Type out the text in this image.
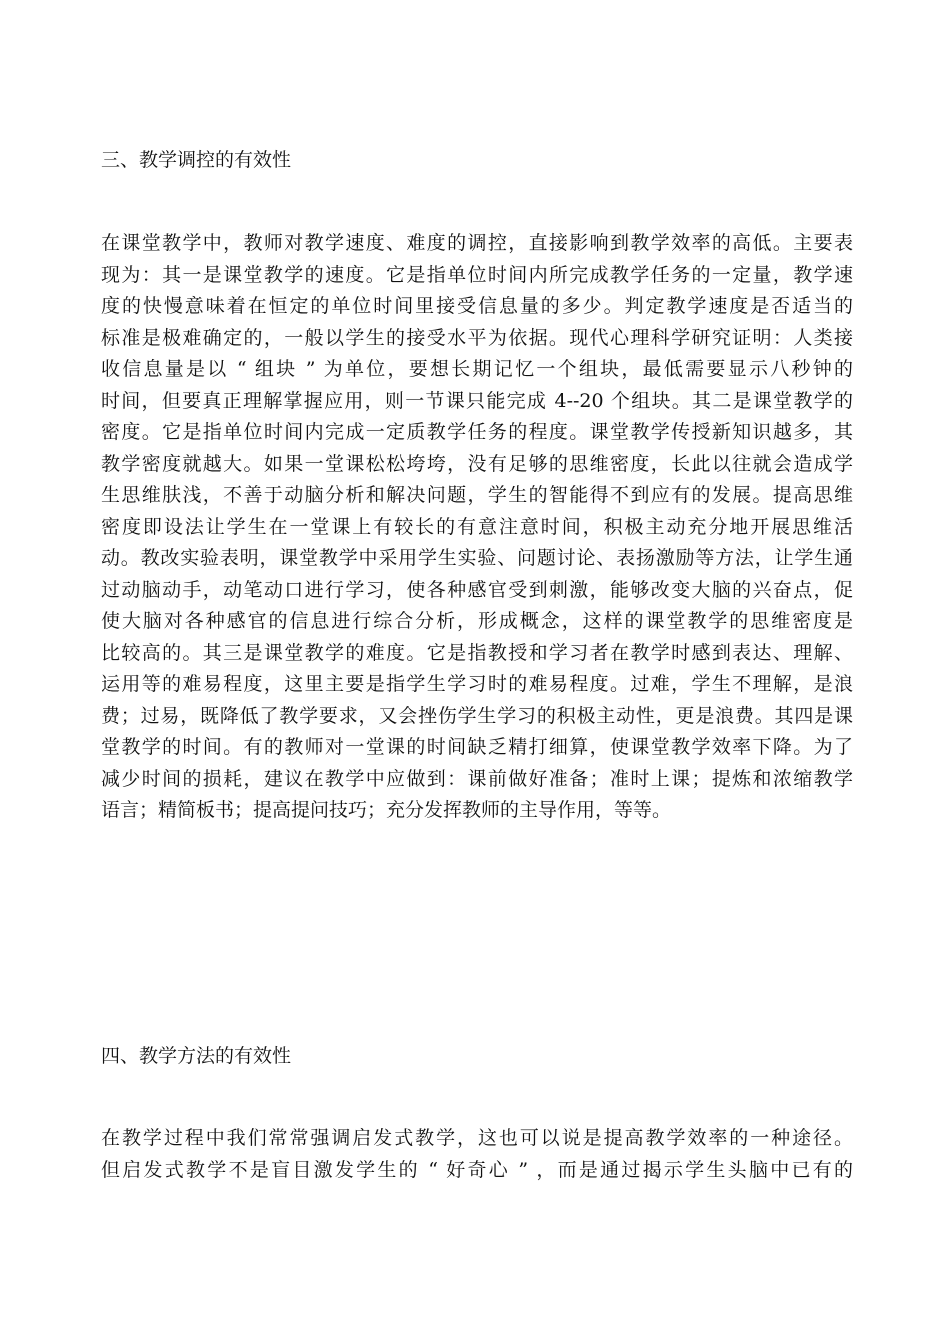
三、教学调控的有效性
在课堂教学中，教师对教学速度、难度的调控，直接影响到教学效率的高低。主要表
现为：其一是课堂教学的速度。它是指单位时间内所完成教学任务的一定量，教学速
度的快慢意味着在恒定的单位时间里接受信息量的多少。判定教学速度是否适当的
标准是极难确定的，一般以学生的接受水平为依据。现代心理科学研究证明：人类接
收信息量是以 “ 组块 ” 为单位，要想长期记忆一个组块，最低需要显示八秒钟的
时间，但要真正理解掌握应用，则一节课只能完成 4--20 个组块。其二是课堂教学的
密度。它是指单位时间内完成一定质教学任务的程度。课堂教学传授新知识越多，其
教学密度就越大。如果一堂课松松垮垮，没有足够的思维密度，长此以往就会造成学
生思维肤浅，不善于动脑分析和解决问题，学生的智能得不到应有的发展。提高思维
密度即设法让学生在一堂课上有较长的有意注意时间，积极主动充分地开展思维活
动。教改实验表明，课堂教学中采用学生实验、问题讨论、表扬激励等方法，让学生通
过动脑动手，动笔动口进行学习，使各种感官受到刺激，能够改变大脑的兴奋点，促
使大脑对各种感官的信息进行综合分析，形成概念，这样的课堂教学的思维密度是
比较高的。其三是课堂教学的难度。它是指教授和学习者在教学时感到表达、理解、
运用等的难易程度，这里主要是指学生学习时的难易程度。过难，学生不理解，是浪
费；过易，既降低了教学要求，又会挫伤学生学习的积极主动性，更是浪费。其四是课
堂教学的时间。有的教师对一堂课的时间缺乏精打细算，使课堂教学效率下降。为了
减少时间的损耗，建议在教学中应做到：课前做好准备；准时上课；提炼和浓缩教学
语言；精简板书；提高提问技巧；充分发挥教师的主导作用，等等。
四、教学方法的有效性
在教学过程中我们常常强调启发式教学，这也可以说是提高教学效率的一种途径。
但启发式教学不是盲目激发学生的 “ 好奇心 ” ，而是通过揭示学生头脑中已有的
